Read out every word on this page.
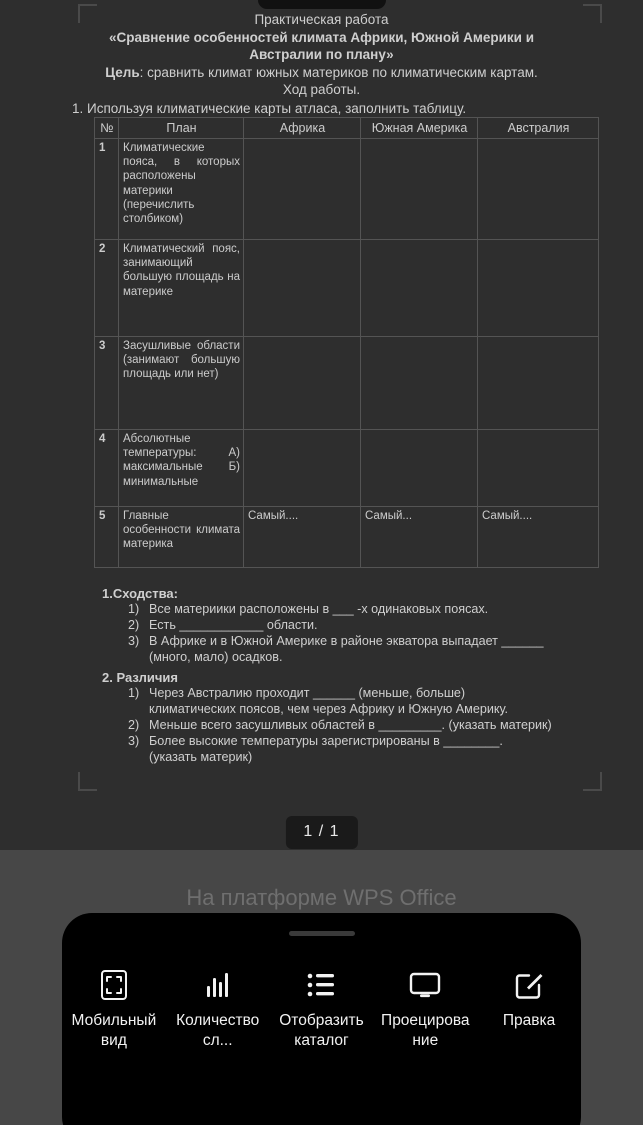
Практическая работа
«Сравнение особенностей климата Африки, Южной Америки и
Австралии по плану»
Цель: сравнить климат южных материков по климатическим картам.
Ход работы.
1. Используя климатические карты атласа, заполнить таблицу.
№	План	Африка	Южная Америка	Австралия
1	Климатические пояса, в которых расположены материки (перечислить столбиком)			
2	Климатический пояс, занимающий большую площадь на материке			
3	Засушливые области (занимают большую площадь или нет)			
4	Абсолютные температуры: А) максимальные Б) минимальные			
5	Главные особенности климата материка	Самый....	Самый...	Самый....
1.Сходства:
1) Все материики расположены в ___ -х одинаковых поясах.
2) Есть ____________ области.
3) В Африке и в Южной Америке в районе экватора выпадает ______
(много, мало) осадков.
2. Различия
1) Через Австралию проходит ______ (меньше, больше)
климатических поясов, чем через Африку и Южную Америку.
2) Меньше всего засушливых областей в _________. (указать материк)
3) Более высокие температуры зарегистрированы в ________.
(указать материк)
1 / 1
На платформе WPS Office
Мобильный вид
Количество сл...
Отобразить каталог
Проецирование
Правка
